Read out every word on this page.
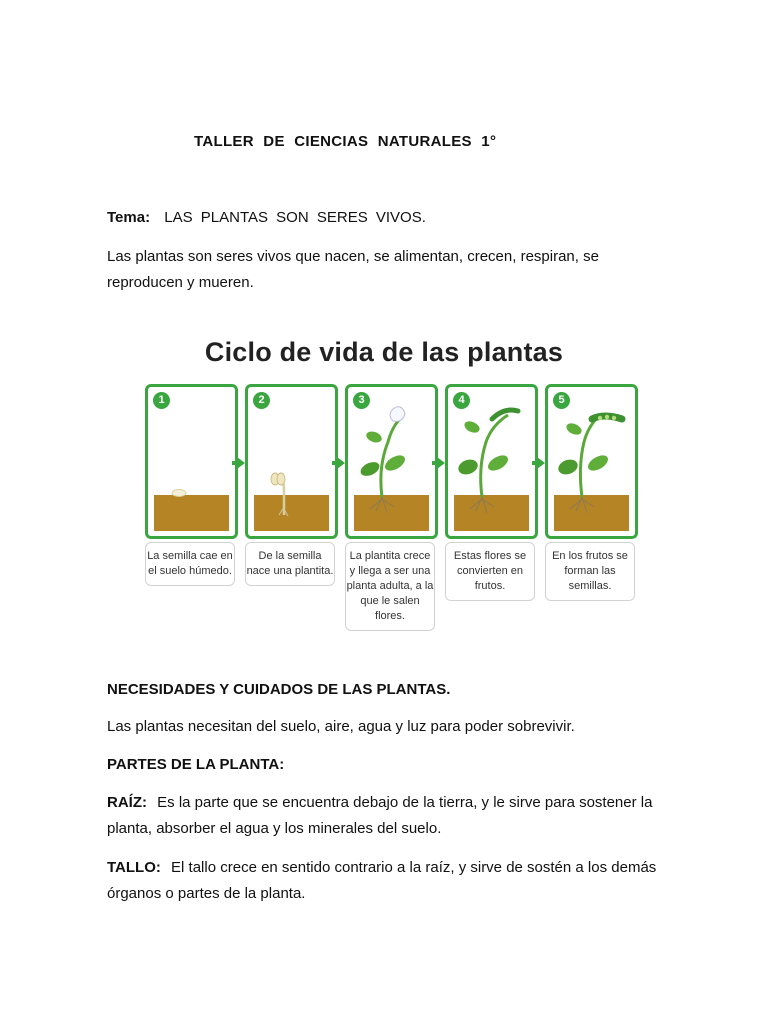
TALLER DE CIENCIAS NATURALES 1°
Tema: LAS PLANTAS SON SERES VIVOS.
Las plantas son seres vivos que nacen, se alimentan, crecen, respiran, se reproducen y mueren.
Ciclo de vida de las plantas
1	2	3	4	5
La semilla cae en el suelo húmedo.
De la semilla nace una plantita.
La plantita crece y llega a ser una planta adulta, a la que le salen flores.
Estas flores se convierten en frutos.
En los frutos se forman las semillas.
NECESIDADES Y CUIDADOS DE LAS PLANTAS.
Las plantas necesitan del suelo, aire, agua y luz para poder sobrevivir.
PARTES DE LA PLANTA:
RAÍZ: Es la parte que se encuentra debajo de la tierra, y le sirve para sostener la planta, absorber el agua y los minerales del suelo.
TALLO: El tallo crece en sentido contrario a la raíz, y sirve de sostén a los demás órganos o partes de la planta.
